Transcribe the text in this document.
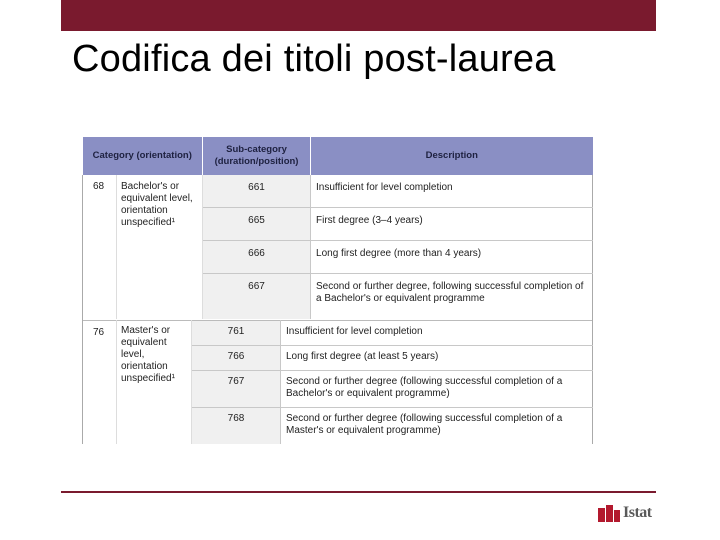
Codifica dei titoli post-laurea
Category (orientation)		Sub-category (duration/position)	Description
68	Bachelor's or equivalent level, orientation unspecified¹	661	Insufficient for level completion
		665	First degree (3–4 years)
		666	Long first degree (more than 4 years)
		667	Second or further degree, following successful completion of a Bachelor's or equivalent programme

76	Master's or equivalent level, orientation unspecified¹	761	Insufficient for level completion
		766	Long first degree (at least 5 years)
		767	Second or further degree (following successful completion of a Bachelor's or equivalent programme)
		768	Second or further degree (following successful completion of a Master's or equivalent programme)
Istat
